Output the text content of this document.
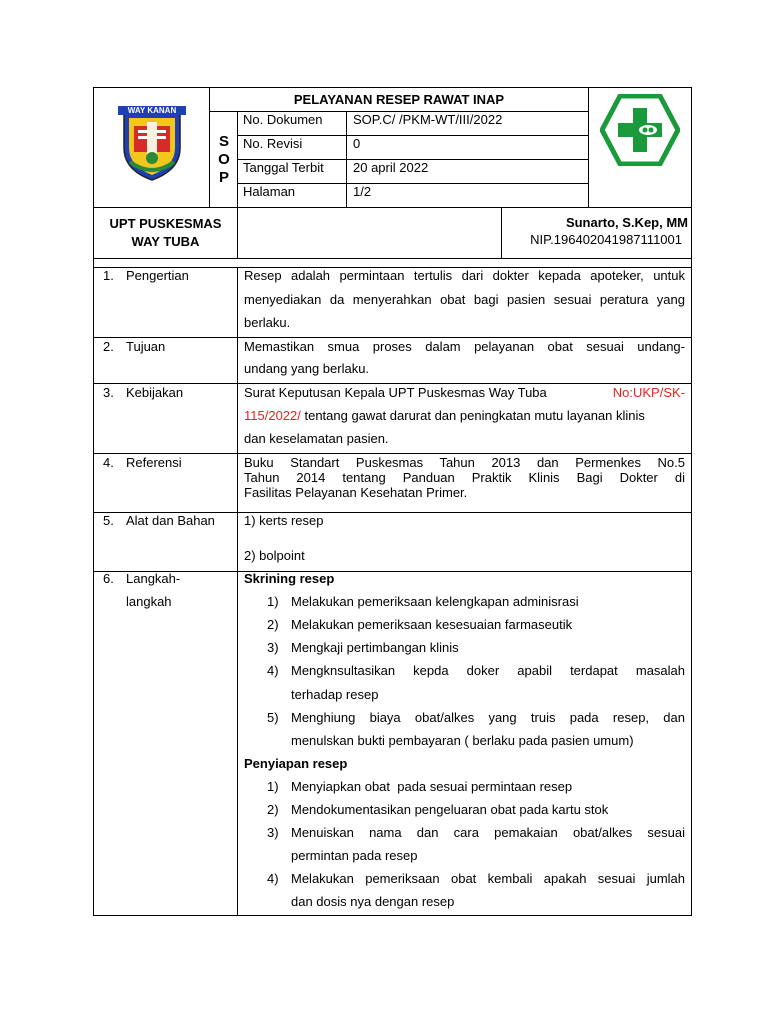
WAY KANAN
PELAYANAN RESEP RAWAT INAP
S
O
P
No. Dokumen SOP.C/ /PKM-WT/III/2022
No. Revisi	0
Tanggal Terbit 20 april 2022
Halaman	1/2
UPT PUSKESMAS
WAY TUBA
Sunarto, S.Kep, MM
NIP.196402041987111001
1. Pengertian	Resep adalah permintaan tertulis dari dokter kepada apoteker, untuk
menyediakan da menyerahkan obat bagi pasien sesuai peratura yang
berlaku.
2. Tujuan	Memastikan smua proses dalam pelayanan obat sesuai undang-
undang yang berlaku.
3. Kebijakan	Surat Keputusan Kepala UPT Puskesmas Way Tuba	No:UKP/SK-
115/2022/ tentang gawat darurat dan peningkatan mutu layanan klinis
dan keselamatan pasien.
4. Referensi	Buku Standart Puskesmas Tahun 2013 dan Permenkes No.5
Tahun 2014 tentang Panduan Praktik Klinis Bagi Dokter di
Fasilitas Pelayanan Kesehatan Primer.
5. Alat dan Bahan 1) kerts resep
2) bolpoint
6. Langkah-
langkah
Skrining resep
1) Melakukan pemeriksaan kelengkapan adminisrasi
2) Melakukan pemeriksaan kesesuaian farmaseutik
3) Mengkaji pertimbangan klinis
4) Mengknsultasikan kepda doker apabil terdapat masalah
terhadap resep
5) Menghiung biaya obat/alkes yang truis pada resep, dan
menulskan bukti pembayaran ( berlaku pada pasien umum)
Penyiapan resep
1) Menyiapkan obat  pada sesuai permintaan resep
2) Mendokumentasikan pengeluaran obat pada kartu stok
3) Menuiskan nama dan cara pemakaian obat/alkes sesuai
permintan pada resep
4) Melakukan pemeriksaan obat kembali apakah sesuai jumlah
dan dosis nya dengan resep
